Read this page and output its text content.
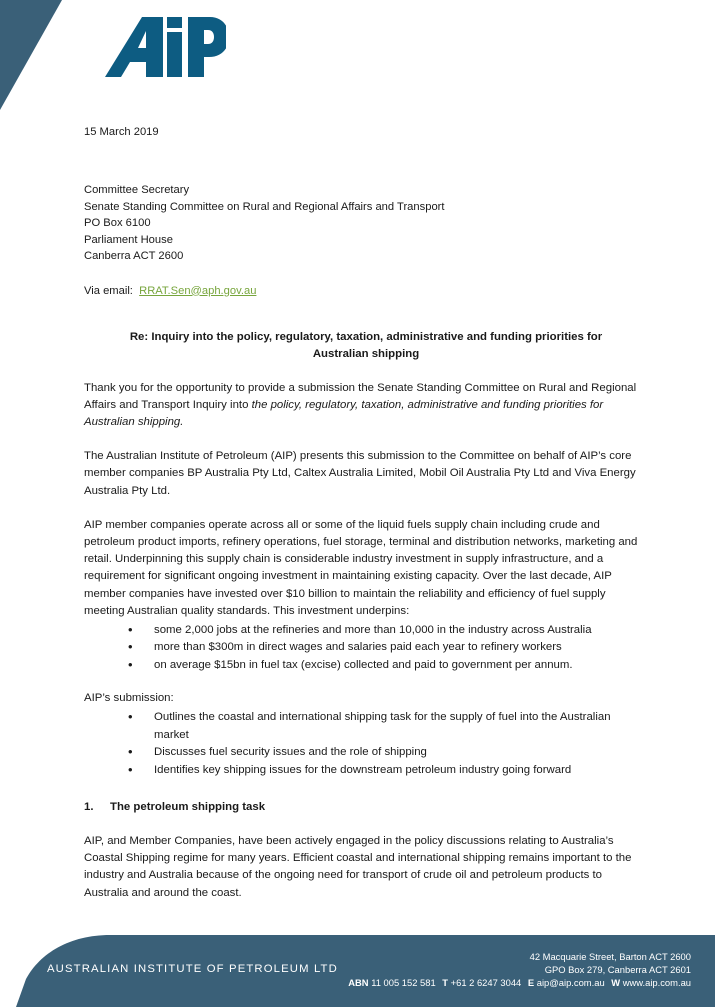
15 March 2019
Committee Secretary
Senate Standing Committee on Rural and Regional Affairs and Transport
PO Box 6100
Parliament House
Canberra ACT 2600
Via email: RRAT.Sen@aph.gov.au
Re: Inquiry into the policy, regulatory, taxation, administrative and funding priorities for Australian shipping

Thank you for the opportunity to provide a submission the Senate Standing Committee on Rural and Regional Affairs and Transport Inquiry into the policy, regulatory, taxation, administrative and funding priorities for Australian shipping.

The Australian Institute of Petroleum (AIP) presents this submission to the Committee on behalf of AIP’s core member companies BP Australia Pty Ltd, Caltex Australia Limited, Mobil Oil Australia Pty Ltd and Viva Energy Australia Pty Ltd.

AIP member companies operate across all or some of the liquid fuels supply chain including crude and petroleum product imports, refinery operations, fuel storage, terminal and distribution networks, marketing and retail. Underpinning this supply chain is considerable industry investment in supply infrastructure, and a requirement for significant ongoing investment in maintaining existing capacity. Over the last decade, AIP member companies have invested over $10 billion to maintain the reliability and efficiency of fuel supply meeting Australian quality standards. This investment underpins:

• some 2,000 jobs at the refineries and more than 10,000 in the industry across Australia
• more than $300m in direct wages and salaries paid each year to refinery workers
• on average $15bn in fuel tax (excise) collected and paid to government per annum.

AIP’s submission:

• Outlines the coastal and international shipping task for the supply of fuel into the Australian market
• Discusses fuel security issues and the role of shipping
• Identifies key shipping issues for the downstream petroleum industry going forward
1. The petroleum shipping task

AIP, and Member Companies, have been actively engaged in the policy discussions relating to Australia’s Coastal Shipping regime for many years. Efficient coastal and international shipping remains important to the industry and Australia because of the ongoing need for transport of crude oil and petroleum products to Australia and around the coast.

AUSTRALIAN INSTITUTE OF PETROLEUM LTD
42 Macquarie Street, Barton ACT 2600
GPO Box 279, Canberra ACT 2601
ABN 11 005 152 581 T +61 2 6247 3044 E aip@aip.com.au W www.aip.com.au
